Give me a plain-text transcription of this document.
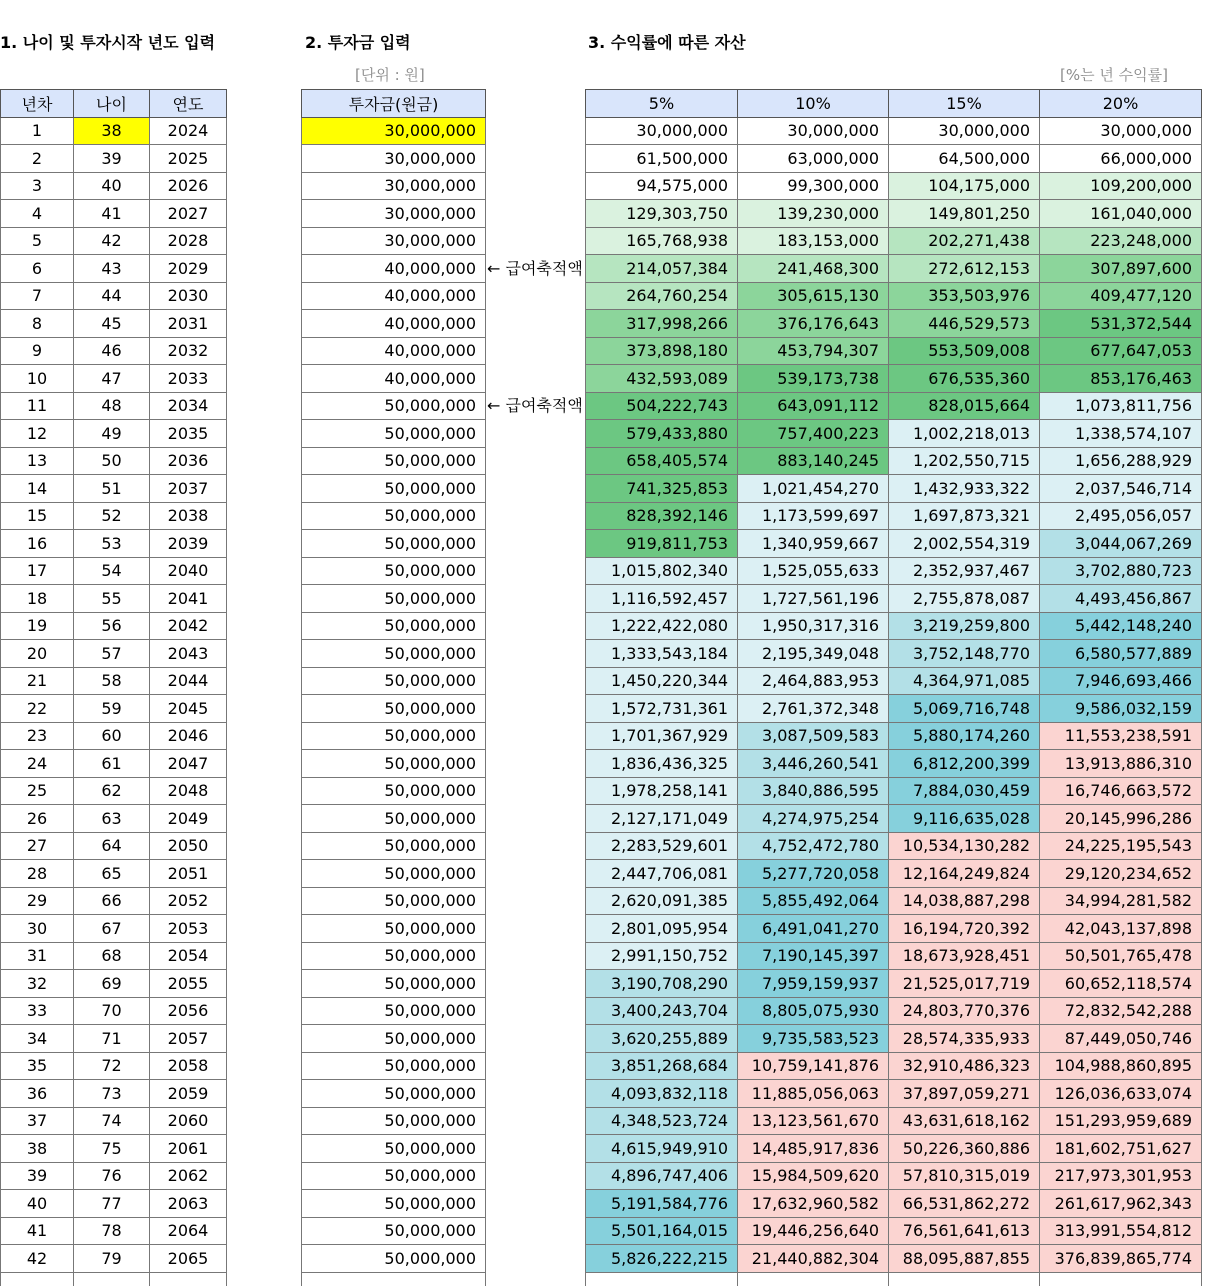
1. 나이 및 투자시작 년도 입력	2. 투자금 입력	3. 수익률에 따른 자산
[단위 : 원]	[%는 년 수익률]
년차	나이	연도
1	38	2024
2	39	2025
3	40	2026
4	41	2027
5	42	2028
6	43	2029
7	44	2030
8	45	2031
9	46	2032
10	47	2033
11	48	2034
12	49	2035
13	50	2036
14	51	2037
15	52	2038
16	53	2039
17	54	2040
18	55	2041
19	56	2042
20	57	2043
21	58	2044
22	59	2045
23	60	2046
24	61	2047
25	62	2048
26	63	2049
27	64	2050
28	65	2051
29	66	2052
30	67	2053
31	68	2054
32	69	2055
33	70	2056
34	71	2057
35	72	2058
36	73	2059
37	74	2060
38	75	2061
39	76	2062
40	77	2063
41	78	2064
42	79	2065

투자금(원금)
30,000,000
30,000,000
30,000,000
30,000,000
30,000,000
40,000,000
40,000,000
40,000,000
40,000,000
40,000,000
50,000,000
50,000,000
50,000,000
50,000,000
50,000,000
50,000,000
50,000,000
50,000,000
50,000,000
50,000,000
50,000,000
50,000,000
50,000,000
50,000,000
50,000,000
50,000,000
50,000,000
50,000,000
50,000,000
50,000,000
50,000,000
50,000,000
50,000,000
50,000,000
50,000,000
50,000,000
50,000,000
50,000,000
50,000,000
50,000,000
50,000,000
50,000,000

5%	10%	15%	20%
30,000,000	30,000,000	30,000,000	30,000,000
61,500,000	63,000,000	64,500,000	66,000,000
94,575,000	99,300,000	104,175,000	109,200,000
129,303,750	139,230,000	149,801,250	161,040,000
165,768,938	183,153,000	202,271,438	223,248,000
214,057,384	241,468,300	272,612,153	307,897,600
264,760,254	305,615,130	353,503,976	409,477,120
317,998,266	376,176,643	446,529,573	531,372,544
373,898,180	453,794,307	553,509,008	677,647,053
432,593,089	539,173,738	676,535,360	853,176,463
504,222,743	643,091,112	828,015,664	1,073,811,756
579,433,880	757,400,223	1,002,218,013	1,338,574,107
658,405,574	883,140,245	1,202,550,715	1,656,288,929
741,325,853	1,021,454,270	1,432,933,322	2,037,546,714
828,392,146	1,173,599,697	1,697,873,321	2,495,056,057
919,811,753	1,340,959,667	2,002,554,319	3,044,067,269
1,015,802,340	1,525,055,633	2,352,937,467	3,702,880,723
1,116,592,457	1,727,561,196	2,755,878,087	4,493,456,867
1,222,422,080	1,950,317,316	3,219,259,800	5,442,148,240
1,333,543,184	2,195,349,048	3,752,148,770	6,580,577,889
1,450,220,344	2,464,883,953	4,364,971,085	7,946,693,466
1,572,731,361	2,761,372,348	5,069,716,748	9,586,032,159
1,701,367,929	3,087,509,583	5,880,174,260	11,553,238,591
1,836,436,325	3,446,260,541	6,812,200,399	13,913,886,310
1,978,258,141	3,840,886,595	7,884,030,459	16,746,663,572
2,127,171,049	4,274,975,254	9,116,635,028	20,145,996,286
2,283,529,601	4,752,472,780	10,534,130,282	24,225,195,543
2,447,706,081	5,277,720,058	12,164,249,824	29,120,234,652
2,620,091,385	5,855,492,064	14,038,887,298	34,994,281,582
2,801,095,954	6,491,041,270	16,194,720,392	42,043,137,898
2,991,150,752	7,190,145,397	18,673,928,451	50,501,765,478
3,190,708,290	7,959,159,937	21,525,017,719	60,652,118,574
3,400,243,704	8,805,075,930	24,803,770,376	72,832,542,288
3,620,255,889	9,735,583,523	28,574,335,933	87,449,050,746
3,851,268,684	10,759,141,876	32,910,486,323	104,988,860,895
4,093,832,118	11,885,056,063	37,897,059,271	126,036,633,074
4,348,523,724	13,123,561,670	43,631,618,162	151,293,959,689
4,615,949,910	14,485,917,836	50,226,360,886	181,602,751,627
4,896,747,406	15,984,509,620	57,810,315,019	217,973,301,953
5,191,584,776	17,632,960,582	66,531,862,272	261,617,962,343
5,501,164,015	19,446,256,640	76,561,641,613	313,991,554,812
5,826,222,215	21,440,882,304	88,095,887,855	376,839,865,774

← 급여축적액
← 급여축적액
